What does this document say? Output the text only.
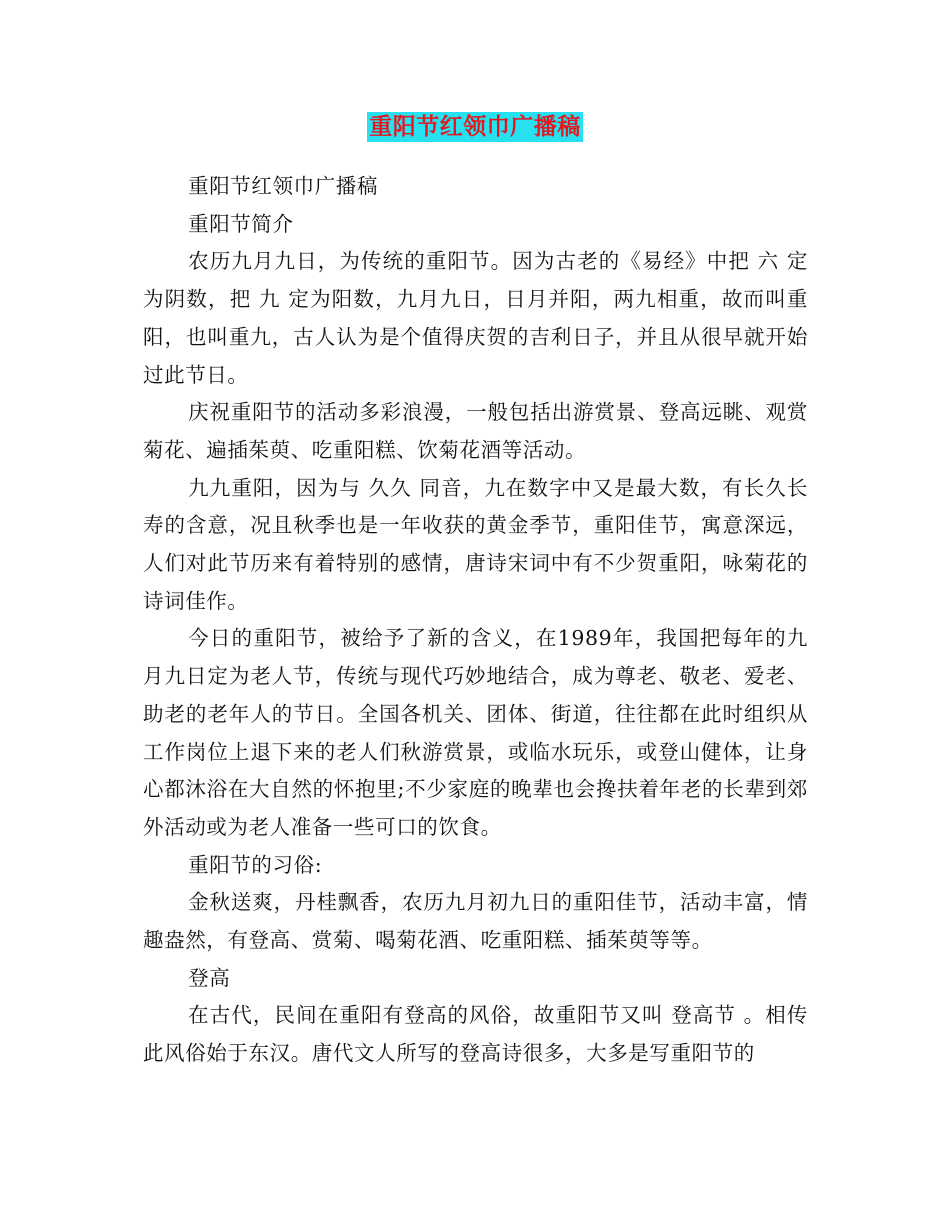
重阳节红领巾广播稿

重阳节红领巾广播稿

重阳节简介

农历九月九日，为传统的重阳节。因为古老的《易经》中把 六 定为阴数，把 九 定为阳数，九月九日，日月并阳，两九相重，故而叫重阳，也叫重九，古人认为是个值得庆贺的吉利日子，并且从很早就开始过此节日。

庆祝重阳节的活动多彩浪漫，一般包括出游赏景、登高远眺、观赏菊花、遍插茱萸、吃重阳糕、饮菊花酒等活动。

九九重阳，因为与 久久 同音，九在数字中又是最大数，有长久长寿的含意，况且秋季也是一年收获的黄金季节，重阳佳节，寓意深远，人们对此节历来有着特别的感情，唐诗宋词中有不少贺重阳，咏菊花的诗词佳作。

今日的重阳节，被给予了新的含义，在1989年，我国把每年的九月九日定为老人节，传统与现代巧妙地结合，成为尊老、敬老、爱老、助老的老年人的节日。全国各机关、团体、街道，往往都在此时组织从工作岗位上退下来的老人们秋游赏景，或临水玩乐，或登山健体，让身心都沐浴在大自然的怀抱里;不少家庭的晚辈也会搀扶着年老的长辈到郊外活动或为老人准备一些可口的饮食。

重阳节的习俗:

金秋送爽，丹桂飘香，农历九月初九日的重阳佳节，活动丰富，情趣盎然，有登高、赏菊、喝菊花酒、吃重阳糕、插茱萸等等。

登高

在古代，民间在重阳有登高的风俗，故重阳节又叫 登高节 。相传此风俗始于东汉。唐代文人所写的登高诗很多，大多是写重阳节的
